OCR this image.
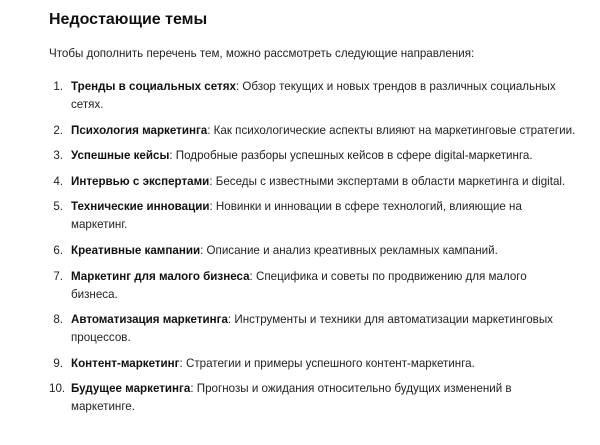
Недостающие темы

Чтобы дополнить перечень тем, можно рассмотреть следующие направления:

1. Тренды в социальных сетях: Обзор текущих и новых трендов в различных социальных сетях.
2. Психология маркетинга: Как психологические аспекты влияют на маркетинговые стратегии.
3. Успешные кейсы: Подробные разборы успешных кейсов в сфере digital-маркетинга.
4. Интервью с экспертами: Беседы с известными экспертами в области маркетинга и digital.
5. Технические инновации: Новинки и инновации в сфере технологий, влияющие на маркетинг.
6. Креативные кампании: Описание и анализ креативных рекламных кампаний.
7. Маркетинг для малого бизнеса: Специфика и советы по продвижению для малого бизнеса.
8. Автоматизация маркетинга: Инструменты и техники для автоматизации маркетинговых процессов.
9. Контент-маркетинг: Стратегии и примеры успешного контент-маркетинга.
10. Будущее маркетинга: Прогнозы и ожидания относительно будущих изменений в маркетинге.
